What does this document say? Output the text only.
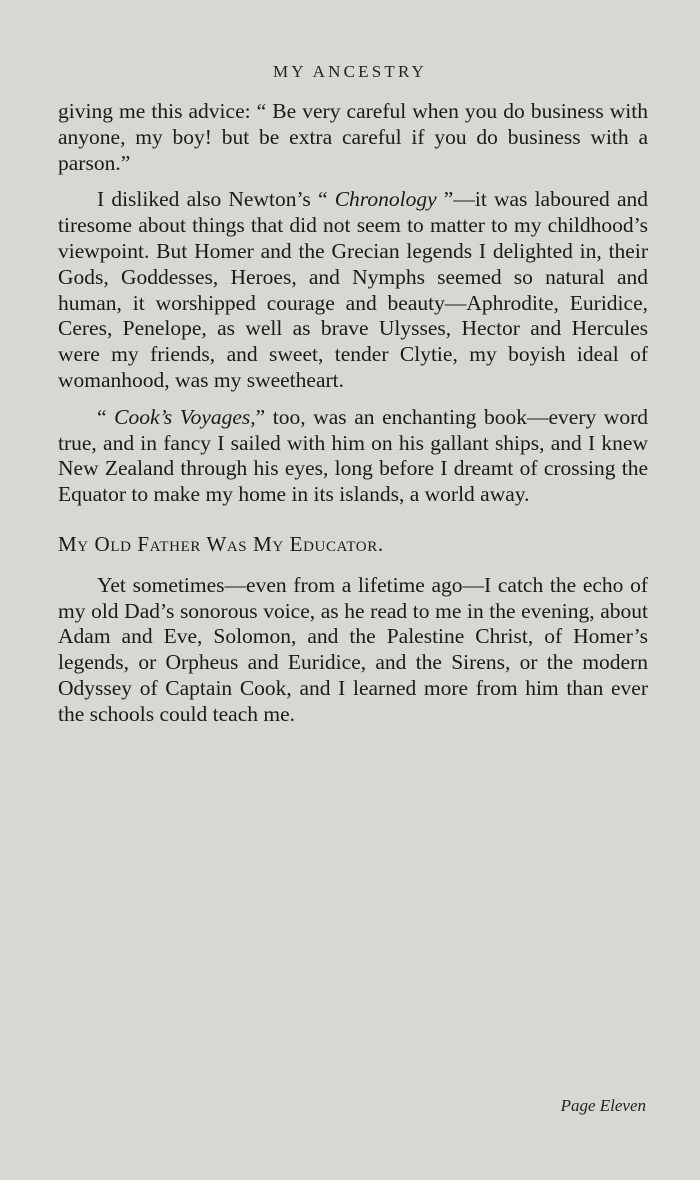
MY ANCESTRY

giving me this advice: “ Be very careful when you do business with anyone, my boy! but be extra careful if you do business with a parson.”

I disliked also Newton’s “ Chronology ”—it was laboured and tiresome about things that did not seem to matter to my childhood’s viewpoint. But Homer and the Grecian legends I delighted in, their Gods, Goddesses, Heroes, and Nymphs seemed so natural and human, it worshipped courage and beauty—Aphrodite, Euridice, Ceres, Penelope, as well as brave Ulysses, Hector and Hercules were my friends, and sweet, tender Clytie, my boyish ideal of womanhood, was my sweetheart.

“ Cook’s Voyages,” too, was an enchanting book—every word true, and in fancy I sailed with him on his gallant ships, and I knew New Zealand through his eyes, long before I dreamt of crossing the Equator to make my home in its islands, a world away.

My Old Father Was My Educator.

Yet sometimes—even from a lifetime ago—I catch the echo of my old Dad’s sonorous voice, as he read to me in the evening, about Adam and Eve, Solomon, and the Palestine Christ, of Homer’s legends, or Orpheus and Euridice, and the Sirens, or the modern Odyssey of Captain Cook, and I learned more from him than ever the schools could teach me.

Page Eleven
